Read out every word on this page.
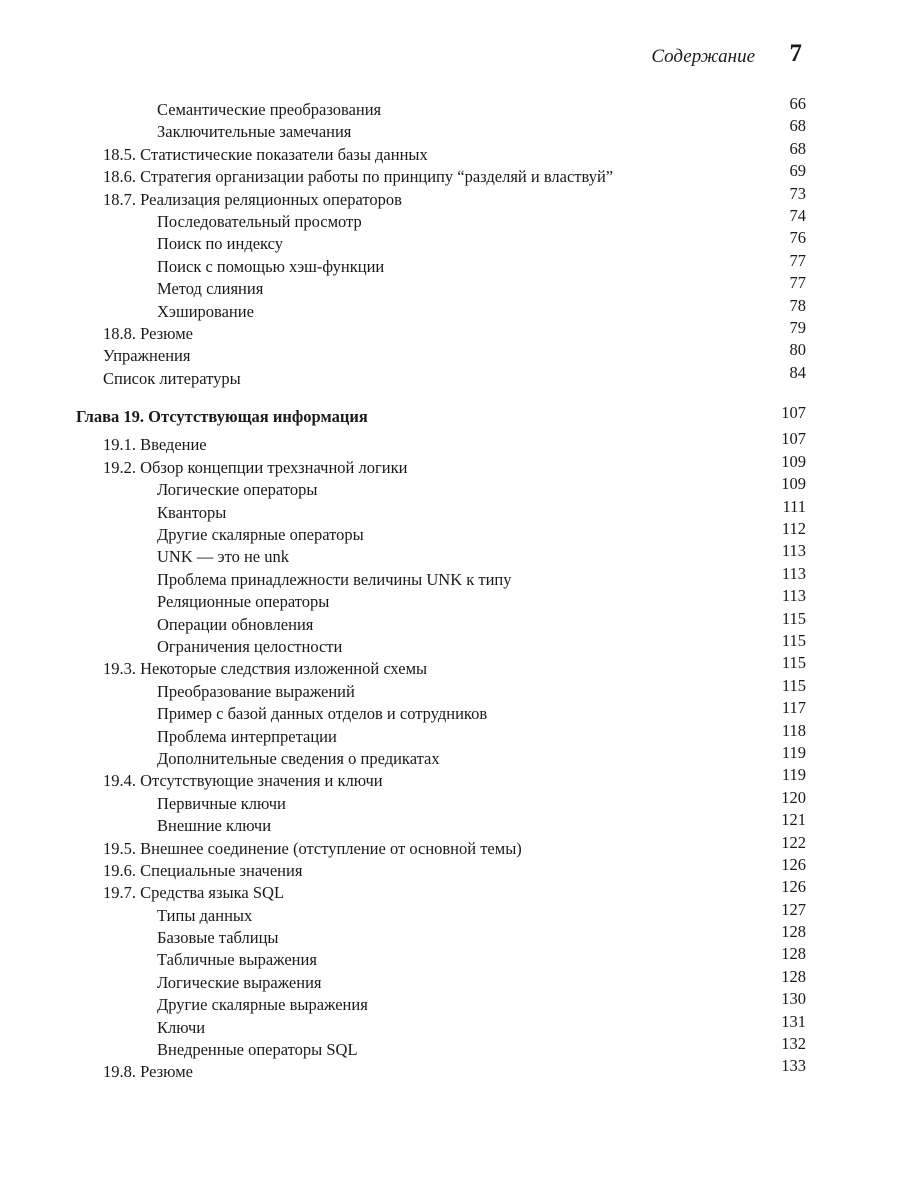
Содержание 7
Семантические преобразования	66
Заключительные замечания	68
18.5. Статистические показатели базы данных	68
18.6. Стратегия организации работы по принципу “разделяй и властвуй”	69
18.7. Реализация реляционных операторов	73
Последовательный просмотр	74
Поиск по индексу	76
Поиск с помощью хэш-функции	77
Метод слияния	77
Хэширование	78
18.8. Резюме	79
Упражнения	80
Список литературы	84
Глава 19. Отсутствующая информация	107
19.1. Введение	107
19.2. Обзор концепции трехзначной логики	109
Логические операторы	109
Кванторы	111
Другие скалярные операторы	112
UNK — это не unk	113
Проблема принадлежности величины UNK к типу	113
Реляционные операторы	113
Операции обновления	115
Ограничения целостности	115
19.3. Некоторые следствия изложенной схемы	115
Преобразование выражений	115
Пример с базой данных отделов и сотрудников	117
Проблема интерпретации	118
Дополнительные сведения о предикатах	119
19.4. Отсутствующие значения и ключи	119
Первичные ключи	120
Внешние ключи	121
19.5. Внешнее соединение (отступление от основной темы)	122
19.6. Специальные значения	126
19.7. Средства языка SQL	126
Типы данных	127
Базовые таблицы	128
Табличные выражения	128
Логические выражения	128
Другие скалярные выражения	130
Ключи	131
Внедренные операторы SQL	132
19.8. Резюме	133
